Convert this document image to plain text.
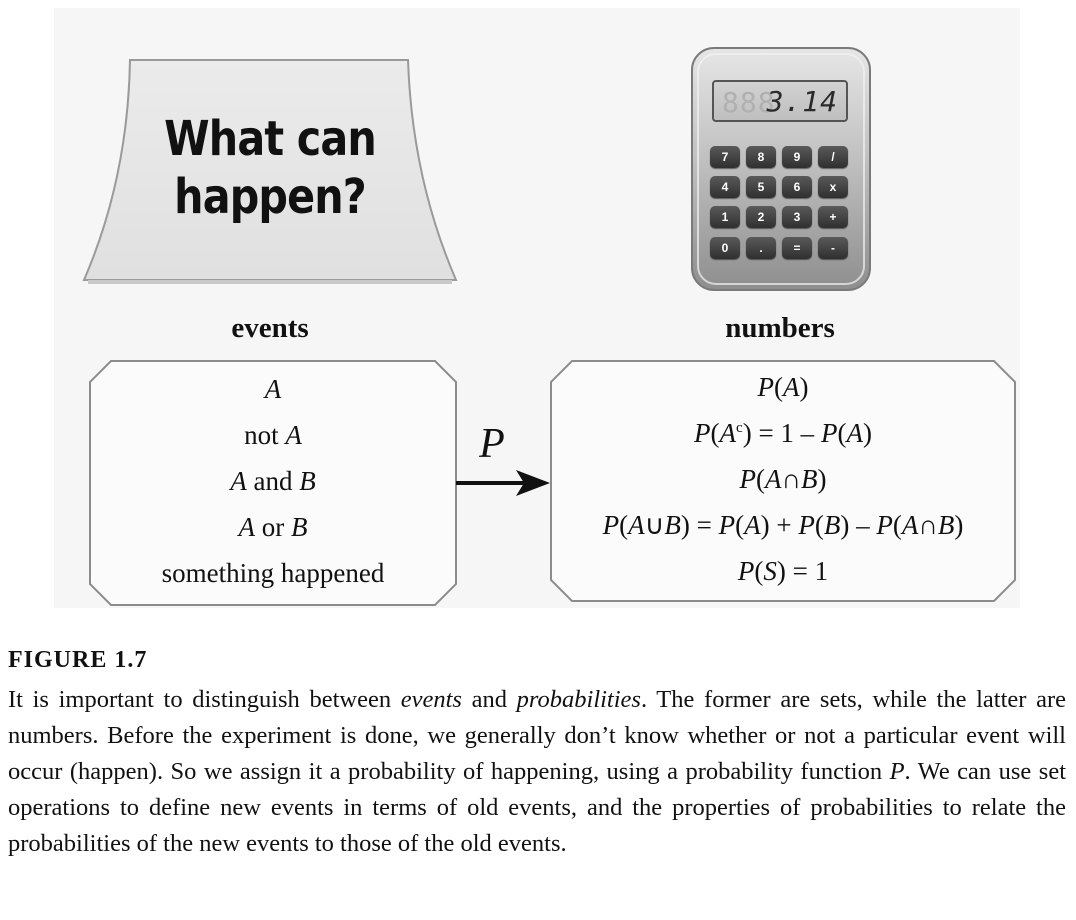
What can
happen?
888
3.14
7	8	9	/
4	5	6	x
1	2	3	+
0	.	=	-
events	numbers
A
not A
A and B
A or B
something happened
P
P(A)
$P(A^c) = 1 - P(A)$
P(A∩B)
P(A∪B) = P(A) + P(B) – P(A∩B)
P(S) = 1
FIGURE 1.7
It is important to distinguish between events and probabilities. The former are sets, while the latter are numbers. Before the experiment is done, we generally don’t know whether or not a particular event will occur (happen). So we assign it a probability of happening, using a probability function P. We can use set operations to define new events in terms of old events, and the properties of probabilities to relate the probabilities of the new events to those of the old events.
